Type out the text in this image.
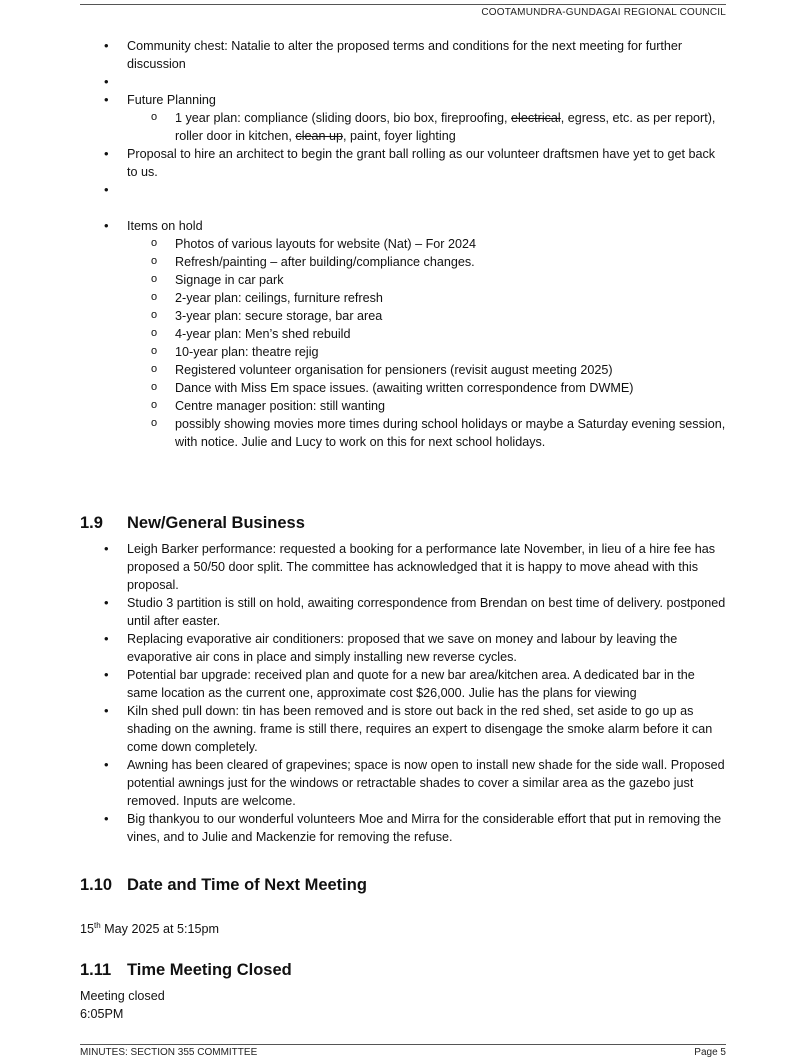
COOTAMUNDRA-GUNDAGAI REGIONAL COUNCIL
• Community chest: Natalie to alter the proposed terms and conditions for the next meeting for further discussion
•
• Future Planning
o 1 year plan: compliance (sliding doors, bio box, fireproofing, electrical, egress, etc. as per report), roller door in kitchen, clean up, paint, foyer lighting
• Proposal to hire an architect to begin the grant ball rolling as our volunteer draftsmen have yet to get back to us.
•
• Items on hold
o Photos of various layouts for website (Nat) – For 2024
o Refresh/painting – after building/compliance changes.
o Signage in car park
o 2-year plan: ceilings, furniture refresh
o 3-year plan: secure storage, bar area
o 4-year plan: Men’s shed rebuild
o 10-year plan: theatre rejig
o Registered volunteer organisation for pensioners (revisit august meeting 2025)
o Dance with Miss Em space issues. (awaiting written correspondence from DWME)
o Centre manager position: still wanting
o possibly showing movies more times during school holidays or maybe a Saturday evening session, with notice. Julie and Lucy to work on this for next school holidays.
1.9 New/General Business
• Leigh Barker performance: requested a booking for a performance late November, in lieu of a hire fee has proposed a 50/50 door split. The committee has acknowledged that it is happy to move ahead with this proposal.
• Studio 3 partition is still on hold, awaiting correspondence from Brendan on best time of delivery. postponed until after easter.
• Replacing evaporative air conditioners: proposed that we save on money and labour by leaving the evaporative air cons in place and simply installing new reverse cycles.
• Potential bar upgrade: received plan and quote for a new bar area/kitchen area. A dedicated bar in the same location as the current one, approximate cost $26,000. Julie has the plans for viewing
• Kiln shed pull down: tin has been removed and is store out back in the red shed, set aside to go up as shading on the awning. frame is still there, requires an expert to disengage the smoke alarm before it can come down completely.
• Awning has been cleared of grapevines; space is now open to install new shade for the side wall. Proposed potential awnings just for the windows or retractable shades to cover a similar area as the gazebo just removed. Inputs are welcome.
• Big thankyou to our wonderful volunteers Moe and Mirra for the considerable effort that put in removing the vines, and to Julie and Mackenzie for removing the refuse.
1.10 Date and Time of Next Meeting
15th May 2025 at 5:15pm
1.11 Time Meeting Closed
Meeting closed
6:05PM
MINUTES: SECTION 355 COMMITTEE	Page 5
